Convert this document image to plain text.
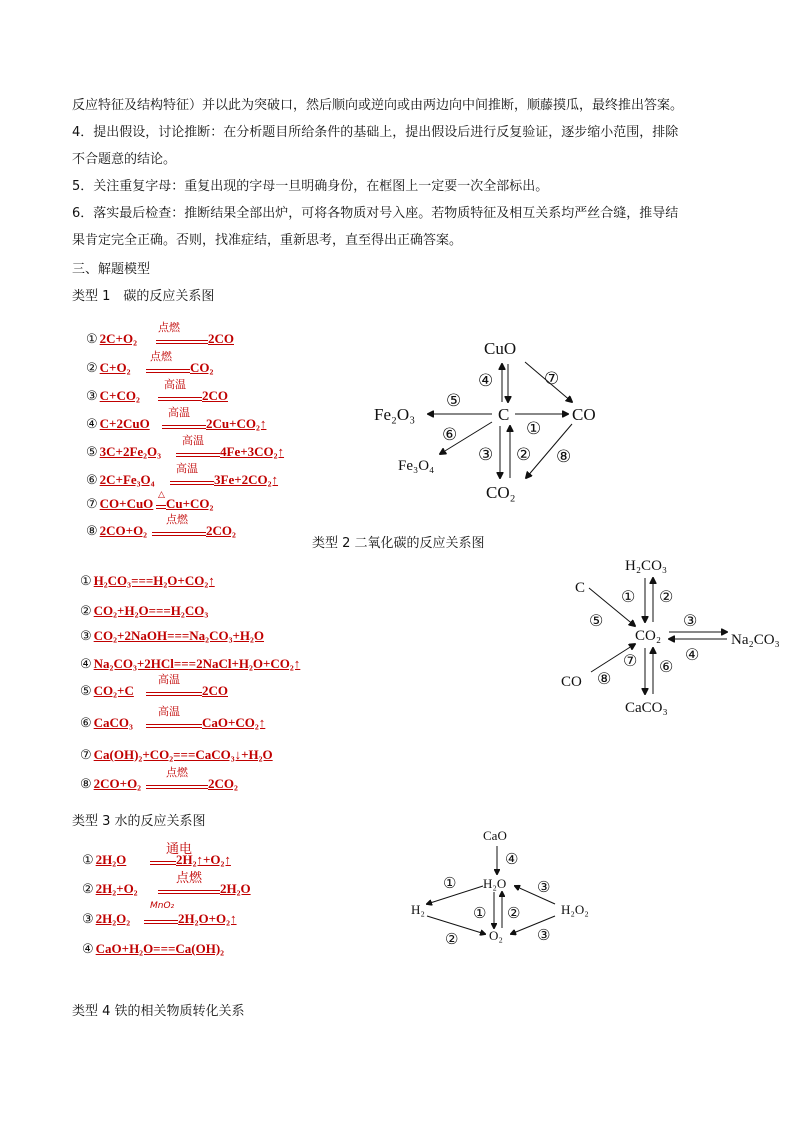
反应特征及结构特征）并以此为突破口，然后顺向或逆向或由两边向中间推断，顺藤摸瓜，最终推出答案。
4．提出假设，讨论推断：在分析题目所给条件的基础上，提出假设后进行反复验证，逐步缩小范围，排除
不合题意的结论。
5．关注重复字母：重复出现的字母一旦明确身份，在框图上一定要一次全部标出。
6．落实最后检查：推断结果全部出炉，可将各物质对号入座。若物质特征及相互关系均严丝合缝，推导结
果肯定完全正确。否则，找准症结，重新思考，直至得出正确答案。
三、解题模型
类型 1　碳的反应关系图
① 2C+O₂
点燃
2CO
② C+O₂
点燃
CO₂
③ C+CO₂
高温
2CO
④ C+2CuO
高温
2Cu+CO₂↑
⑤ 3C+2Fe₂O₃
高温
4Fe+3CO₂↑
⑥ 2C+Fe₃O₄
高温
3Fe+2CO₂↑
⑦ CO+CuO
△
Cu+CO₂
⑧ 2CO+O₂
点燃
2CO₂
CuO
C	CO
Fe₂O₃
Fe₃O₄
CO₂
④	⑦
⑤
①
⑥
③ ② ⑧
类型 2 二氧化碳的反应关系图
① H₂CO₃===H₂O+CO₂↑
② CO₂+H₂O===H₂CO₃
③ CO₂+2NaOH===Na₂CO₃+H₂O
④ Na₂CO₃+2HCl===2NaCl+H₂O+CO₂↑
⑤ CO₂+C
高温
2CO
⑥ CaCO₃
高温
CaO+CO₂↑
⑦ Ca(OH)₂+CO₂===CaCO₃↓+H₂O
⑧ 2CO+O₂
点燃
2CO₂
H₂CO₃
C
CO₂	Na₂CO₃
CO
CaCO₃
① ②
⑤	③
④
⑦ ⑥
⑧
类型 3 水的反应关系图
① 2H₂O
通电
2H₂↑+O₂↑
② 2H₂+O₂
点燃
2H₂O
③ 2H₂O₂
MnO₂
2H₂O+O₂↑
④ CaO+H₂O===Ca(OH)₂
CaO
H₂O
H₂	H₂O₂
O₂
④
①	③
① ②
②	③
类型 4 铁的相关物质转化关系
